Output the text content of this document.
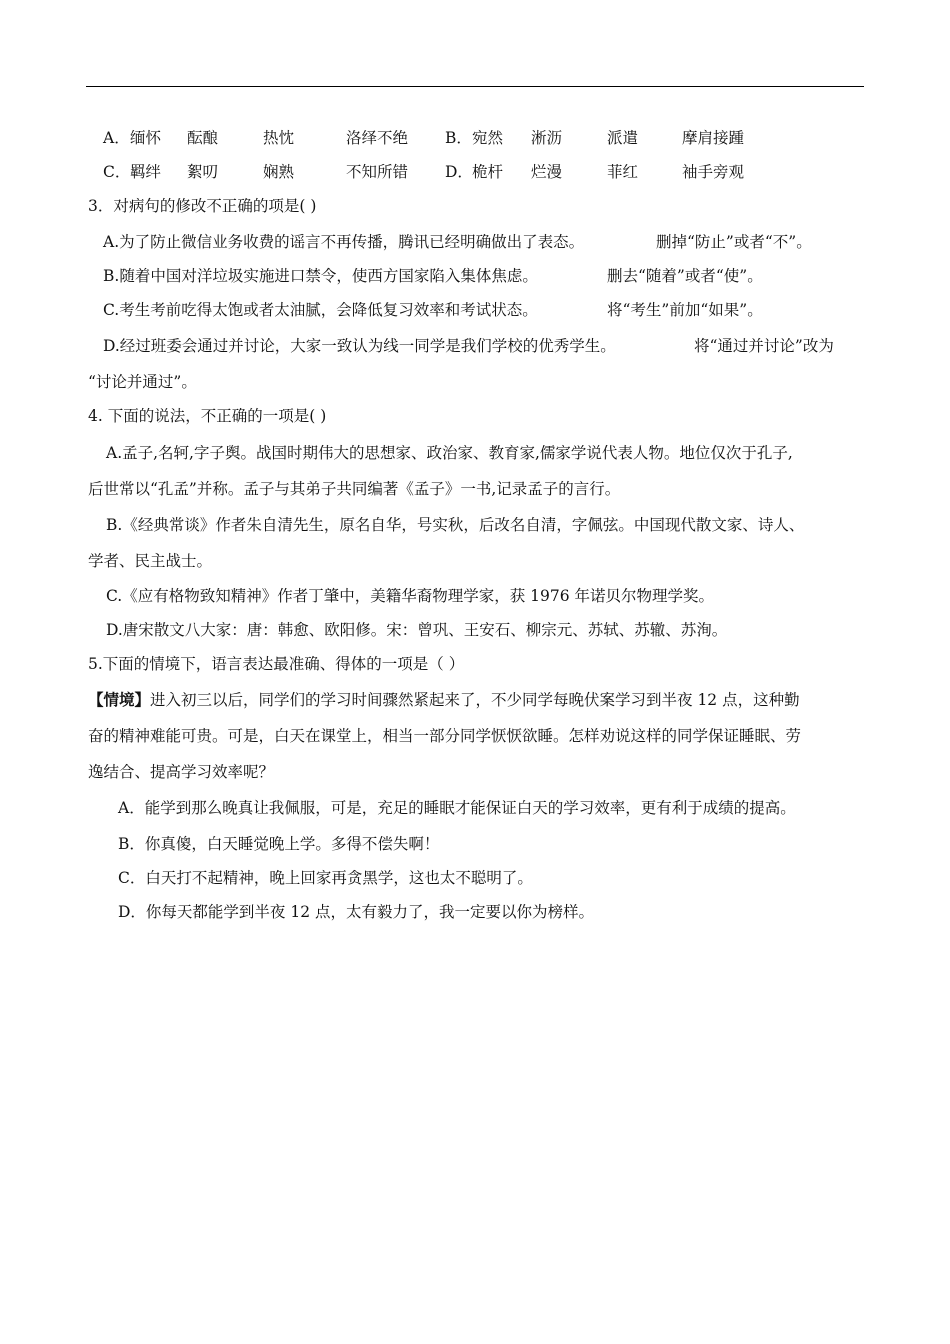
A． 缅怀 酝酿	热忱	洛绎不绝 B． 宛然 淅沥	派遣	摩肩接踵
C． 羁绊 絮叨	娴熟	不知所错 D． 桅杆 烂漫	菲红	袖手旁观
3．对病句的修改不正确的项是( )
A.为了防止微信业务收费的谣言不再传播，腾讯已经明确做出了表态。	删掉“防止”或者“不”。
B.随着中国对洋垃圾实施进口禁令，使西方国家陷入集体焦虑。	删去“随着”或者“使”。
C.考生考前吃得太饱或者太油腻，会降低复习效率和考试状态。	将“考生”前加“如果”。
D.经过班委会通过并讨论，大家一致认为线一同学是我们学校的优秀学生。	将“通过并讨论”改为
“讨论并通过”。
4. 下面的说法，不正确的一项是( )
A.孟子,名轲,字子舆。战国时期伟大的思想家、政治家、教育家,儒家学说代表人物。地位仅次于孔子,
后世常以“孔孟”并称。孟子与其弟子共同编著《孟子》一书,记录孟子的言行。
B.《经典常谈》作者朱自清先生，原名自华，号实秋，后改名自清，字佩弦。中国现代散文家、诗人、
学者、民主战士。
C.《应有格物致知精神》作者丁肇中，美籍华裔物理学家，获 1976 年诺贝尔物理学奖。
D.唐宋散文八大家：唐：韩愈、欧阳修。宋：曾巩、王安石、柳宗元、苏轼、苏辙、苏洵。
5.下面的情境下，语言表达最准确、得体的一项是（ ）
【情境】进入初三以后，同学们的学习时间骤然紧起来了，不少同学每晚伏案学习到半夜 12 点，这种勤
奋的精神难能可贵。可是，白天在课堂上，相当一部分同学恹恹欲睡。怎样劝说这样的同学保证睡眠、劳
逸结合、提高学习效率呢？
A．能学到那么晚真让我佩服，可是，充足的睡眠才能保证白天的学习效率，更有利于成绩的提高。
B．你真傻，白天睡觉晚上学。多得不偿失啊！
C．白天打不起精神，晚上回家再贪黑学，这也太不聪明了。
D．你每天都能学到半夜 12 点，太有毅力了，我一定要以你为榜样。
